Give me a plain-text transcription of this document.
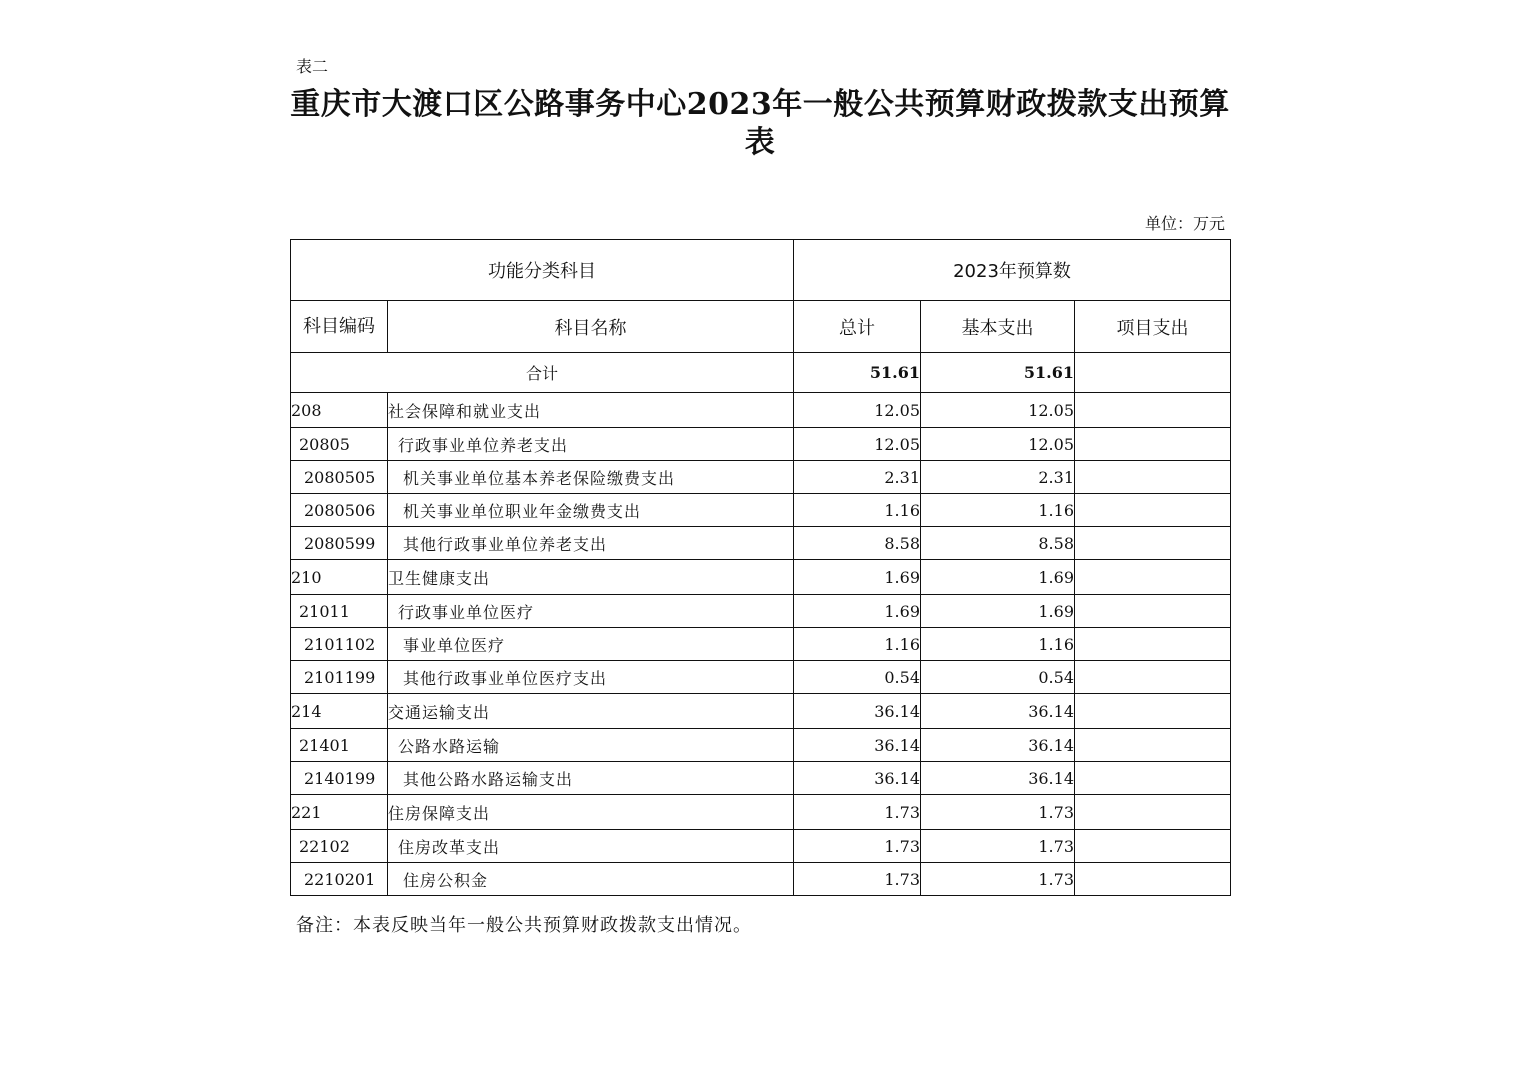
表二
重庆市大渡口区公路事务中心2023年一般公共预算财政拨款支出预算表
单位：万元
功能分类科目		2023年预算数		
科目编码	科目名称	总计	基本支出	项目支出
合计		51.61	51.61	
208	社会保障和就业支出	12.05	12.05	
20805	行政事业单位养老支出	12.05	12.05	
2080505	机关事业单位基本养老保险缴费支出	2.31	2.31	
2080506	机关事业单位职业年金缴费支出	1.16	1.16	
2080599	其他行政事业单位养老支出	8.58	8.58	
210	卫生健康支出	1.69	1.69	
21011	行政事业单位医疗	1.69	1.69	
2101102	事业单位医疗	1.16	1.16	
2101199	其他行政事业单位医疗支出	0.54	0.54	
214	交通运输支出	36.14	36.14	
21401	公路水路运输	36.14	36.14	
2140199	其他公路水路运输支出	36.14	36.14	
221	住房保障支出	1.73	1.73	
22102	住房改革支出	1.73	1.73	
2210201	住房公积金	1.73	1.73	
备注：本表反映当年一般公共预算财政拨款支出情况。
